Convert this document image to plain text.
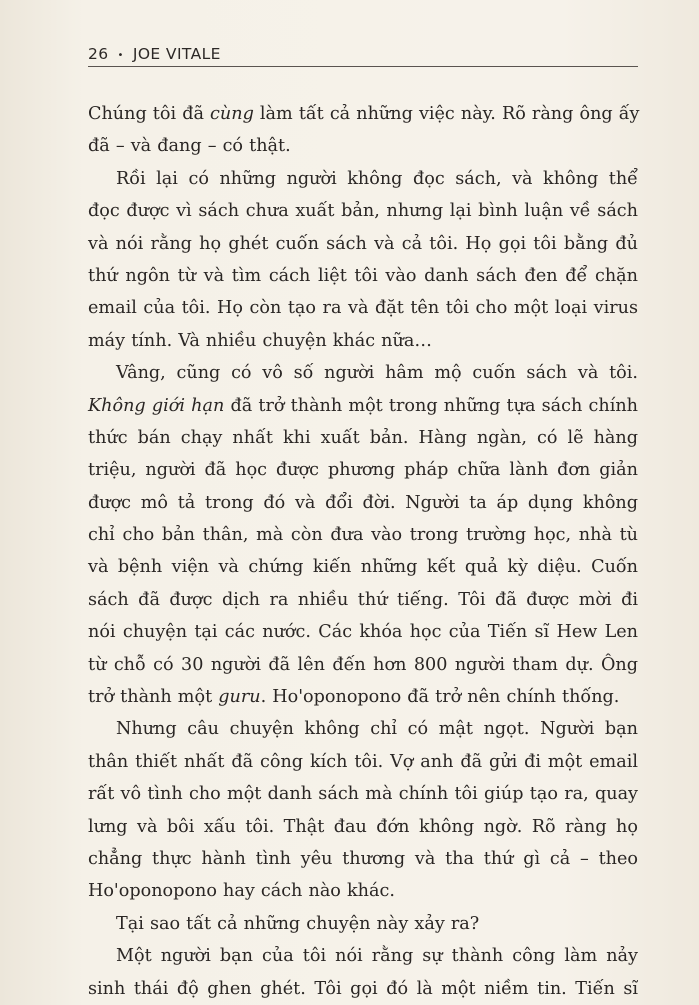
26 • JOE VITALE
Chúng tôi đã cùng làm tất cả những việc này. Rõ ràng ông ấy
đã – và đang – có thật.
Rồi lại có những người không đọc sách, và không thể
đọc được vì sách chưa xuất bản, nhưng lại bình luận về sách
và nói rằng họ ghét cuốn sách và cả tôi. Họ gọi tôi bằng đủ
thứ ngôn từ và tìm cách liệt tôi vào danh sách đen để chặn
email của tôi. Họ còn tạo ra và đặt tên tôi cho một loại virus
máy tính. Và nhiều chuyện khác nữa…
Vâng, cũng có vô số người hâm mộ cuốn sách và tôi.
Không giới hạn đã trở thành một trong những tựa sách chính
thức bán chạy nhất khi xuất bản. Hàng ngàn, có lẽ hàng
triệu, người đã học được phương pháp chữa lành đơn giản
được mô tả trong đó và đổi đời. Người ta áp dụng không
chỉ cho bản thân, mà còn đưa vào trong trường học, nhà tù
và bệnh viện và chứng kiến những kết quả kỳ diệu. Cuốn
sách đã được dịch ra nhiều thứ tiếng. Tôi đã được mời đi
nói chuyện tại các nước. Các khóa học của Tiến sĩ Hew Len
từ chỗ có 30 người đã lên đến hơn 800 người tham dự. Ông
trở thành một guru. Ho'oponopono đã trở nên chính thống.
Nhưng câu chuyện không chỉ có mật ngọt. Người bạn
thân thiết nhất đã công kích tôi. Vợ anh đã gửi đi một email
rất vô tình cho một danh sách mà chính tôi giúp tạo ra, quay
lưng và bôi xấu tôi. Thật đau đớn không ngờ. Rõ ràng họ
chẳng thực hành tình yêu thương và tha thứ gì cả – theo
Ho'oponopono hay cách nào khác.
Tại sao tất cả những chuyện này xảy ra?
Một người bạn của tôi nói rằng sự thành công làm nảy
sinh thái độ ghen ghét. Tôi gọi đó là một niềm tin. Tiến sĩ
